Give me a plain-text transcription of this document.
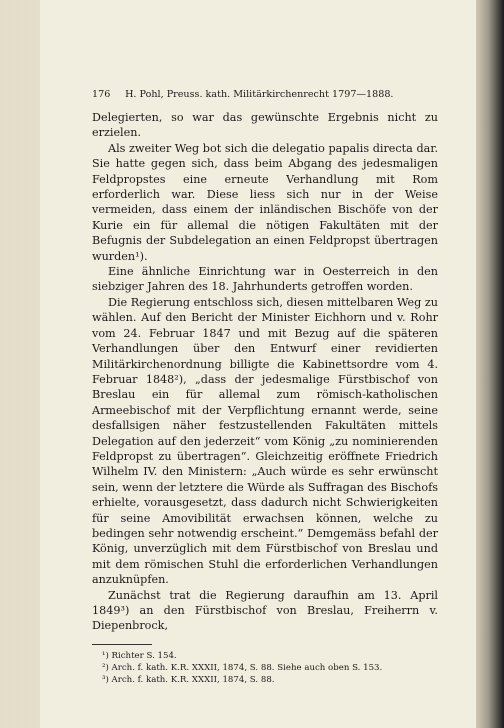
176 H. Pohl, Preuss. kath. Militärkirchenrecht 1797—1888.

Delegierten, so war das gewünschte Ergebnis nicht zu erzielen.

Als zweiter Weg bot sich die delegatio papalis directa dar. Sie hatte gegen sich, dass beim Abgang des jedesmaligen Feldpropstes eine erneute Verhandlung mit Rom erforderlich war. Diese liess sich nur in der Weise vermeiden, dass einem der inländischen Bischöfe von der Kurie ein für allemal die nötigen Fakultäten mit der Befugnis der Subdelegation an einen Feldpropst übertragen wurden¹).

Eine ähnliche Einrichtung war in Oesterreich in den siebziger Jahren des 18. Jahrhunderts getroffen worden.

Die Regierung entschloss sich, diesen mittelbaren Weg zu wählen. Auf den Bericht der Minister Eichhorn und v. Rohr vom 24. Februar 1847 und mit Bezug auf die späteren Verhandlungen über den Entwurf einer revidierten Militärkirchenordnung billigte die Kabinettsordre vom 4. Februar 1848²), „dass der jedesmalige Fürstbischof von Breslau ein für allemal zum römisch-katholischen Armeebischof mit der Verpflichtung ernannt werde, seine desfallsigen näher festzustellenden Fakultäten mittels Delegation auf den jederzeit“ vom König „zu nominierenden Feldpropst zu übertragen“. Gleichzeitig eröffnete Friedrich Wilhelm IV. den Ministern: „Auch würde es sehr erwünscht sein, wenn der letztere die Würde als Suffragan des Bischofs erhielte, vorausgesetzt, dass dadurch nicht Schwierigkeiten für seine Amovibilität erwachsen können, welche zu bedingen sehr notwendig erscheint.“ Demgemäss befahl der König, unverzüglich mit dem Fürstbischof von Breslau und mit dem römischen Stuhl die erforderlichen Verhandlungen anzuknüpfen.

Zunächst trat die Regierung daraufhin am 13. April 1849³) an den Fürstbischof von Breslau, Freiherrn v. Diepenbrock,

¹) Richter S. 154.
²) Arch. f. kath. K.R. XXXII, 1874, S. 88. Siehe auch oben S. 153.
³) Arch. f. kath. K.R. XXXII, 1874, S. 88.
